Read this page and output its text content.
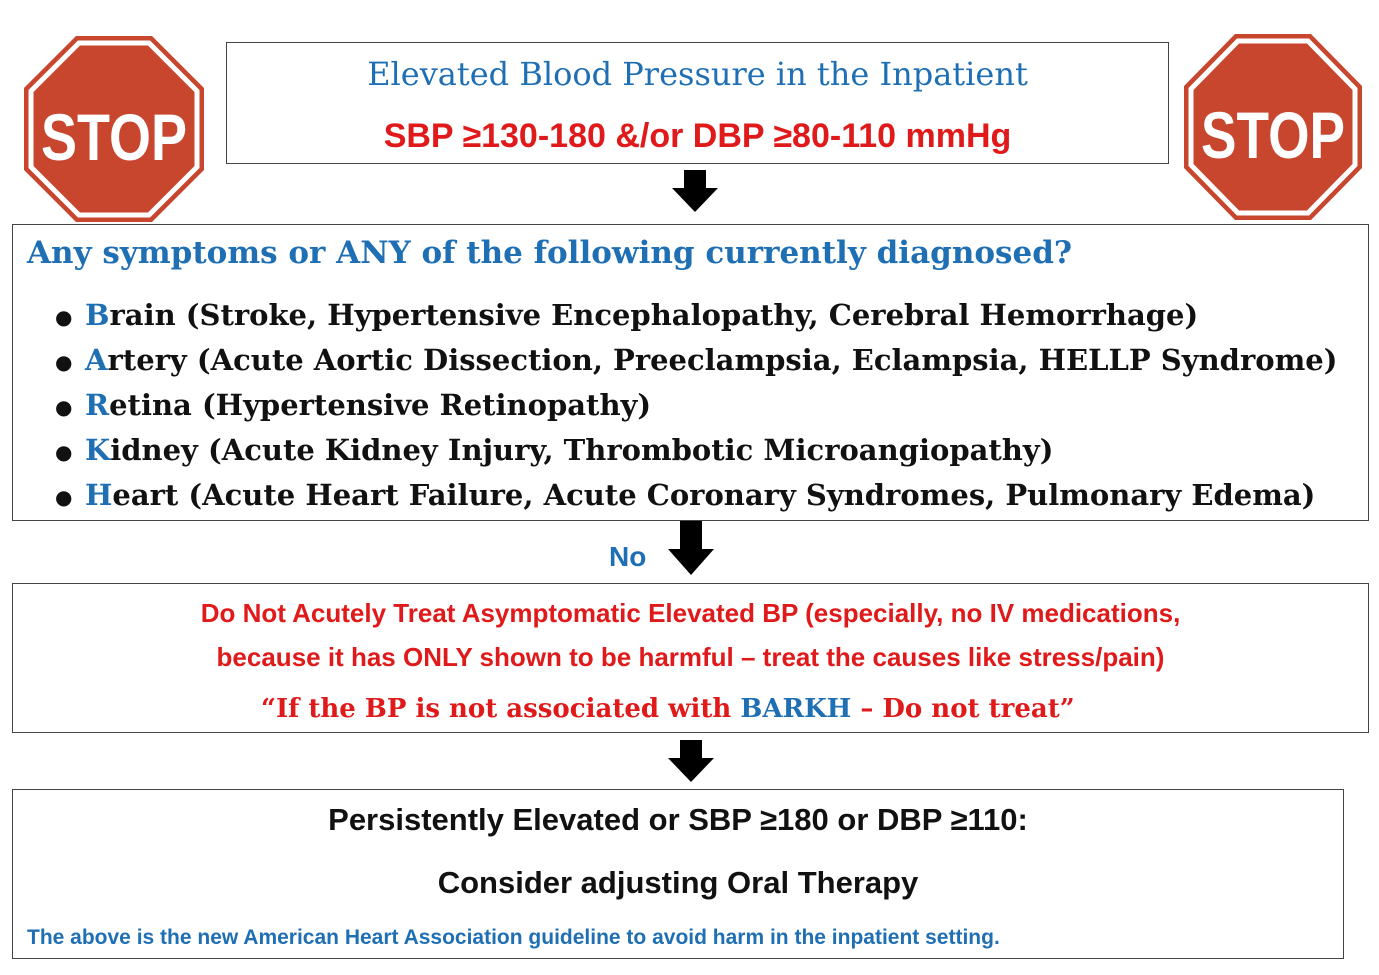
STOP	STOP
Elevated Blood Pressure in the Inpatient
SBP ≥130-180 &/or DBP ≥80-110 mmHg
Any symptoms or ANY of the following currently diagnosed?
● Brain (Stroke, Hypertensive Encephalopathy, Cerebral Hemorrhage)
● Artery (Acute Aortic Dissection, Preeclampsia, Eclampsia, HELLP Syndrome)
● Retina (Hypertensive Retinopathy)
● Kidney (Acute Kidney Injury, Thrombotic Microangiopathy)
● Heart (Acute Heart Failure, Acute Coronary Syndromes, Pulmonary Edema)
No
Do Not Acutely Treat Asymptomatic Elevated BP (especially, no IV medications,
because it has ONLY shown to be harmful – treat the causes like stress/pain)
“If the BP is not associated with BARKH – Do not treat”
Persistently Elevated or SBP ≥180 or DBP ≥110:
Consider adjusting Oral Therapy
The above is the new American Heart Association guideline to avoid harm in the inpatient setting.
